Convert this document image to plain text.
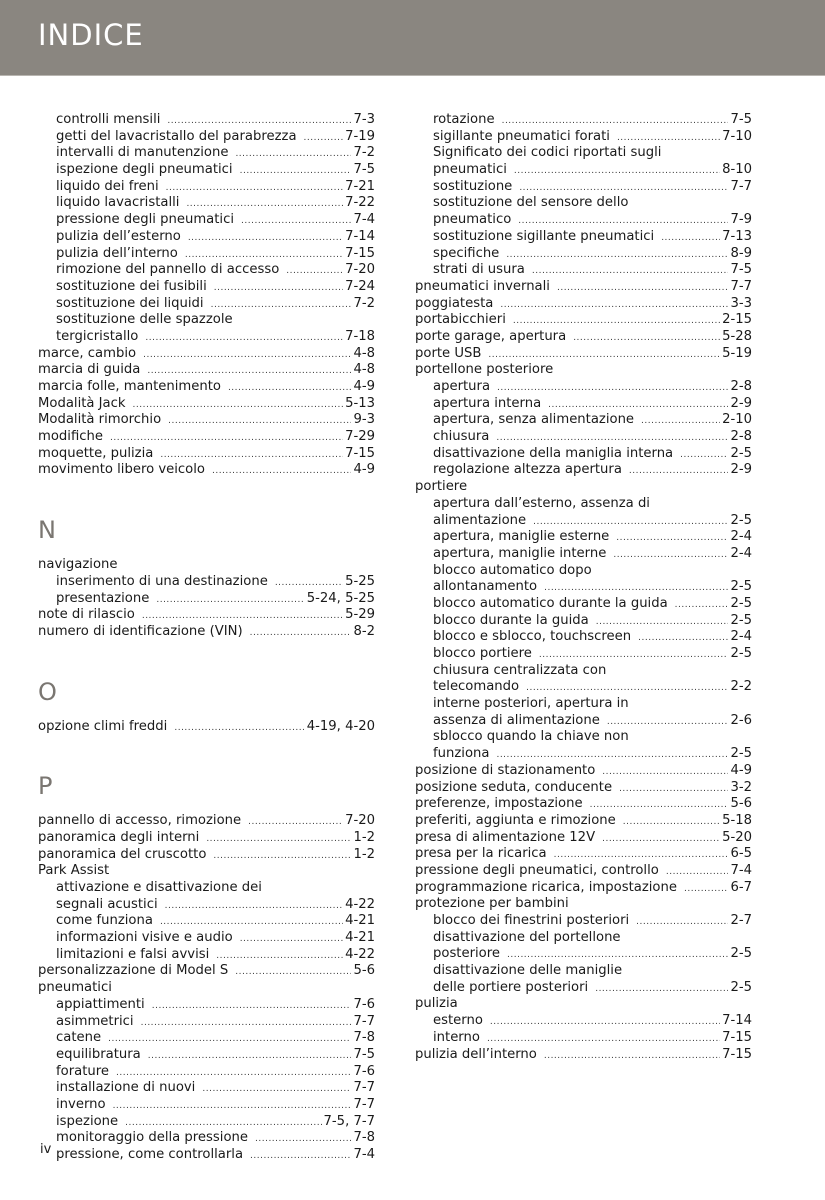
INDICE
controlli mensili .....	7-3
getti del lavacristallo del parabrezza .....	7-19
intervalli di manutenzione .....	7-2
ispezione degli pneumatici .....	7-5
liquido dei freni .....	7-21
liquido lavacristalli .....	7-22
pressione degli pneumatici .....	7-4
pulizia dell’esterno .....	7-14
pulizia dell’interno .....	7-15
rimozione del pannello di accesso .....	7-20
sostituzione dei fusibili .....	7-24
sostituzione dei liquidi .....	7-2
sostituzione delle spazzole
tergicristallo .....	7-18
marce, cambio .....	4-8
marcia di guida .....	4-8
marcia folle, mantenimento .....	4-9
Modalità Jack .....	5-13
Modalità rimorchio .....	9-3
modifiche .....	7-29
moquette, pulizia .....	7-15
movimento libero veicolo .....	4-9
N
navigazione
inserimento di una destinazione .....	5-25
presentazione .....	5-24, 5-25
note di rilascio .....	5-29
numero di identificazione (VIN) .....	8-2
O
opzione climi freddi .....	4-19, 4-20
P
pannello di accesso, rimozione .....	7-20
panoramica degli interni .....	1-2
panoramica del cruscotto .....	1-2
Park Assist
attivazione e disattivazione dei
segnali acustici .....	4-22
come funziona .....	4-21
informazioni visive e audio .....	4-21
limitazioni e falsi avvisi .....	4-22
personalizzazione di Model S .....	5-6
pneumatici
appiattimenti .....	7-6
asimmetrici .....	7-7
catene .....	7-8
equilibratura .....	7-5
forature .....	7-6
installazione di nuovi .....	7-7
inverno .....	7-7
ispezione .....	7-5, 7-7
monitoraggio della pressione .....	7-8
pressione, come controllarla .....	7-4
rotazione .....	7-5
sigillante pneumatici forati .....	7-10
Significato dei codici riportati sugli
pneumatici .....	8-10
sostituzione .....	7-7
sostituzione del sensore dello
pneumatico .....	7-9
sostituzione sigillante pneumatici .....	7-13
specifiche .....	8-9
strati di usura .....	7-5
pneumatici invernali .....	7-7
poggiatesta .....	3-3
portabicchieri .....	2-15
porte garage, apertura .....	5-28
porte USB .....	5-19
portellone posteriore
apertura .....	2-8
apertura interna .....	2-9
apertura, senza alimentazione .....	2-10
chiusura .....	2-8
disattivazione della maniglia interna .....	2-5
regolazione altezza apertura .....	2-9
portiere
apertura dall’esterno, assenza di
alimentazione .....	2-5
apertura, maniglie esterne .....	2-4
apertura, maniglie interne .....	2-4
blocco automatico dopo
allontanamento .....	2-5
blocco automatico durante la guida .....	2-5
blocco durante la guida .....	2-5
blocco e sblocco, touchscreen .....	2-4
blocco portiere .....	2-5
chiusura centralizzata con
telecomando .....	2-2
interne posteriori, apertura in
assenza di alimentazione .....	2-6
sblocco quando la chiave non
funziona .....	2-5
posizione di stazionamento .....	4-9
posizione seduta, conducente .....	3-2
preferenze, impostazione .....	5-6
preferiti, aggiunta e rimozione .....	5-18
presa di alimentazione 12V .....	5-20
presa per la ricarica .....	6-5
pressione degli pneumatici, controllo .....	7-4
programmazione ricarica, impostazione .....	6-7
protezione per bambini
blocco dei finestrini posteriori .....	2-7
disattivazione del portellone
posteriore .....	2-5
disattivazione delle maniglie
delle portiere posteriori .....	2-5
pulizia
esterno .....	7-14
interno .....	7-15
pulizia dell’interno .....	7-15
iv
